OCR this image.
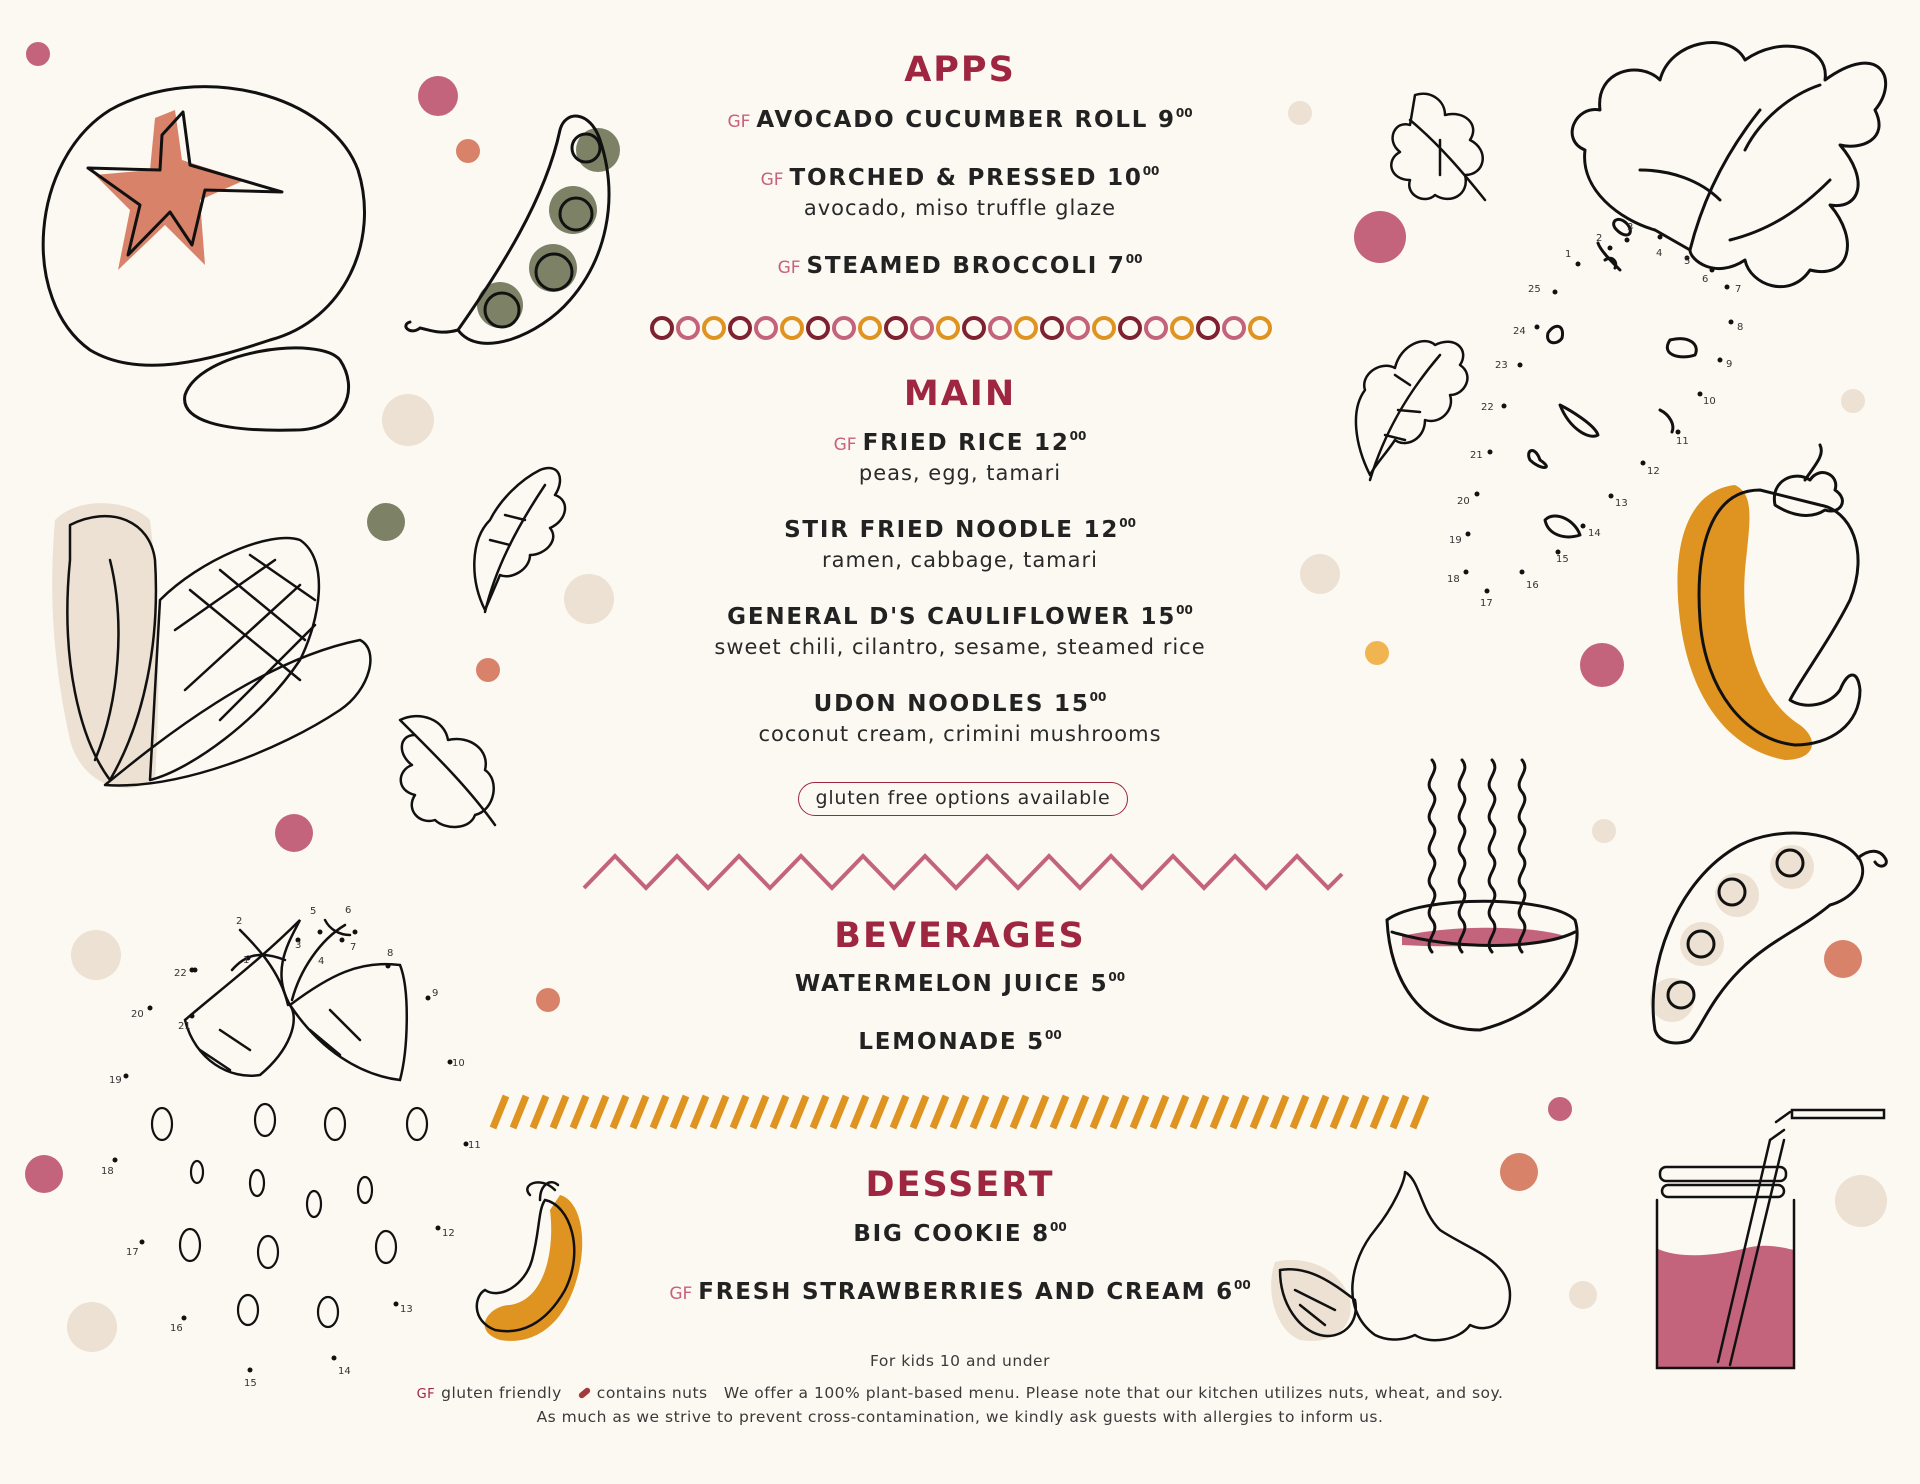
1
2
3
4
5	6
7
8
9
10
11
12
13
14
15
16
17
18
19
20
21
22
1
2
3
4
5
6
7
8
9
10
11
12
13
14
15
16
17
18
19
20
21
22
23
24
25
APPS
GF AVOCADO CUCUMBER ROLL $9^{00}$
GF TORCHED & PRESSED $10^{00}$
avocado, miso truffle glaze
GF STEAMED BROCCOLI $7^{00}$
MAIN
GF FRIED RICE $12^{00}$
peas, egg, tamari
STIR FRIED NOODLE $12^{00}$
ramen, cabbage, tamari
GENERAL D'S CAULIFLOWER $15^{00}$
sweet chili, cilantro, sesame, steamed rice
UDON NOODLES $15^{00}$
coconut cream, crimini mushrooms
gluten free options available
BEVERAGES
WATERMELON JUICE $5^{00}$
LEMONADE $5^{00}$
DESSERT
BIG COOKIE $8^{00}$
GF FRESH STRAWBERRIES AND CREAM $6^{00}$
For kids 10 and under
GF gluten friendly contains nuts We offer a 100% plant-based menu. Please note that our kitchen utilizes nuts, wheat, and soy.
As much as we strive to prevent cross-contamination, we kindly ask guests with allergies to inform us.
